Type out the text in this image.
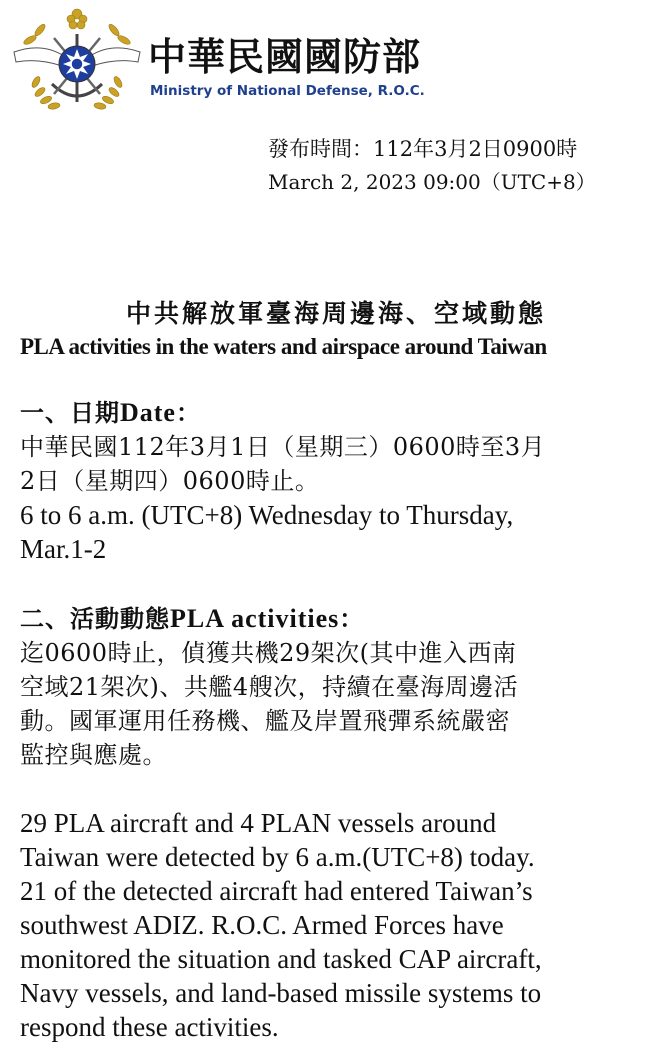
中華民國國防部
Ministry of National Defense, R.O.C.
發布時間：112年3月2日0900時
March 2, 2023 09:00（UTC+8）
中共解放軍臺海周邊海、空域動態
PLA activities in the waters and airspace around Taiwan
一、日期Date：
中華民國112年3月1日（星期三）0600時至3月
2日（星期四）0600時止。
6 to 6 a.m. (UTC+8) Wednesday to Thursday,
Mar.1-2
二、活動動態PLA activities：
迄0600時止，偵獲共機29架次(其中進入西南
空域21架次)、共艦4艘次，持續在臺海周邊活
動。國軍運用任務機、艦及岸置飛彈系統嚴密
監控與應處。
29 PLA aircraft and 4 PLAN vessels around
Taiwan were detected by 6 a.m.(UTC+8) today.
21 of the detected aircraft had entered Taiwan’s
southwest ADIZ. R.O.C. Armed Forces have
monitored the situation and tasked CAP aircraft,
Navy vessels, and land-based missile systems to
respond these activities.
